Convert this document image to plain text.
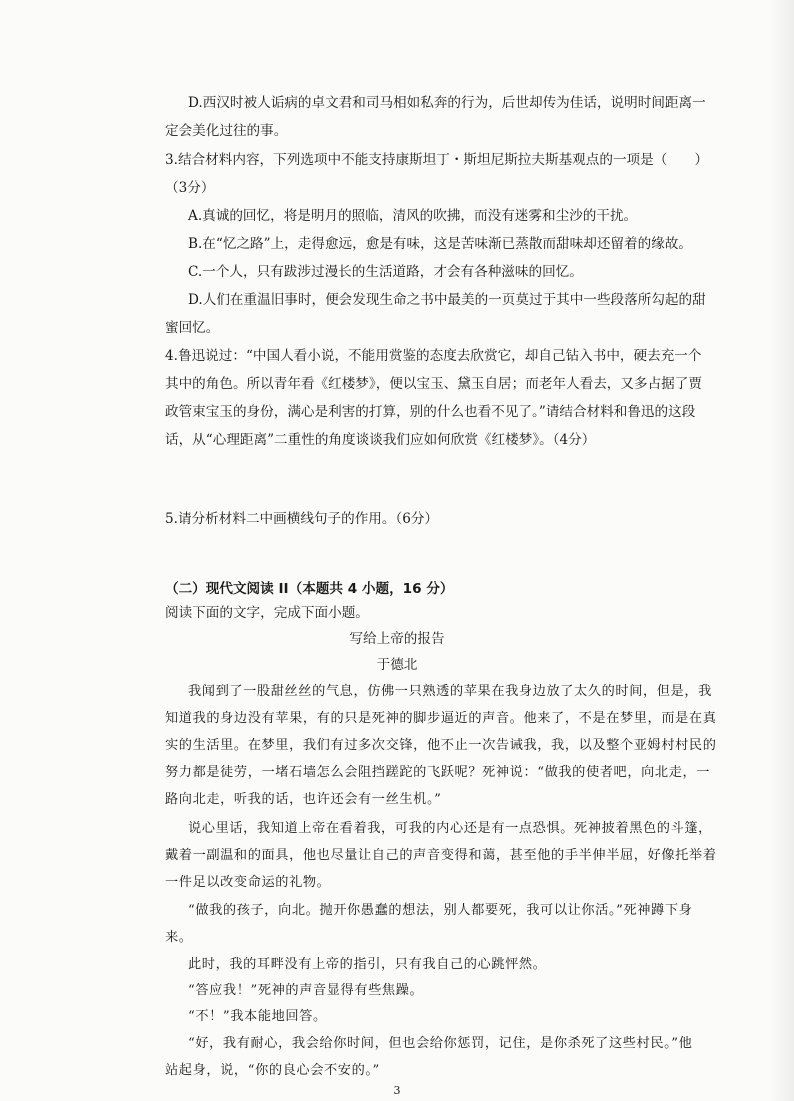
D.西汉时被人诟病的卓文君和司马相如私奔的行为，后世却传为佳话，说明时间距离一
定会美化过往的事。
3.结合材料内容，下列选项中不能支持康斯坦丁・斯坦尼斯拉夫斯基观点的一项是（　　）
（3分）
A.真诚的回忆，将是明月的照临，清风的吹拂，而没有迷雾和尘沙的干扰。
B.在“忆之路”上，走得愈远，愈是有味，这是苦味渐已蒸散而甜味却还留着的缘故。
C.一个人，只有跋涉过漫长的生活道路，才会有各种滋味的回忆。
D.人们在重温旧事时，便会发现生命之书中最美的一页莫过于其中一些段落所勾起的甜
蜜回忆。
4.鲁迅说过：“中国人看小说，不能用赏鉴的态度去欣赏它，却自己钻入书中，硬去充一个
其中的角色。所以青年看《红楼梦》，便以宝玉、黛玉自居；而老年人看去，又多占据了贾
政管束宝玉的身份，满心是利害的打算，别的什么也看不见了。”请结合材料和鲁迅的这段
话，从“心理距离”二重性的角度谈谈我们应如何欣赏《红楼梦》。（4分）
5.请分析材料二中画横线句子的作用。（6分）
（二）现代文阅读 II（本题共 4 小题，16 分）
阅读下面的文字，完成下面小题。
写给上帝的报告
于德北
我闻到了一股甜丝丝的气息，仿佛一只熟透的苹果在我身边放了太久的时间，但是，我
知道我的身边没有苹果，有的只是死神的脚步逼近的声音。他来了，不是在梦里，而是在真
实的生活里。在梦里，我们有过多次交锋，他不止一次告诫我，我，以及整个亚姆村村民的
努力都是徒劳，一堵石墙怎么会阻挡蹉跎的飞跃呢？死神说：“做我的使者吧，向北走，一
路向北走，听我的话，也许还会有一丝生机。”
说心里话，我知道上帝在看着我，可我的内心还是有一点恐惧。死神披着黑色的斗篷，
戴着一副温和的面具，他也尽量让自己的声音变得和蔼，甚至他的手半伸半屈，好像托举着
一件足以改变命运的礼物。
“做我的孩子，向北。抛开你愚蠢的想法，别人都要死，我可以让你活。”死神蹲下身
来。
此时，我的耳畔没有上帝的指引，只有我自己的心跳怦然。
“答应我！”死神的声音显得有些焦躁。
“不！”我本能地回答。
“好，我有耐心，我会给你时间，但也会给你惩罚，记住，是你杀死了这些村民。”他
站起身，说，“你的良心会不安的。”
3
